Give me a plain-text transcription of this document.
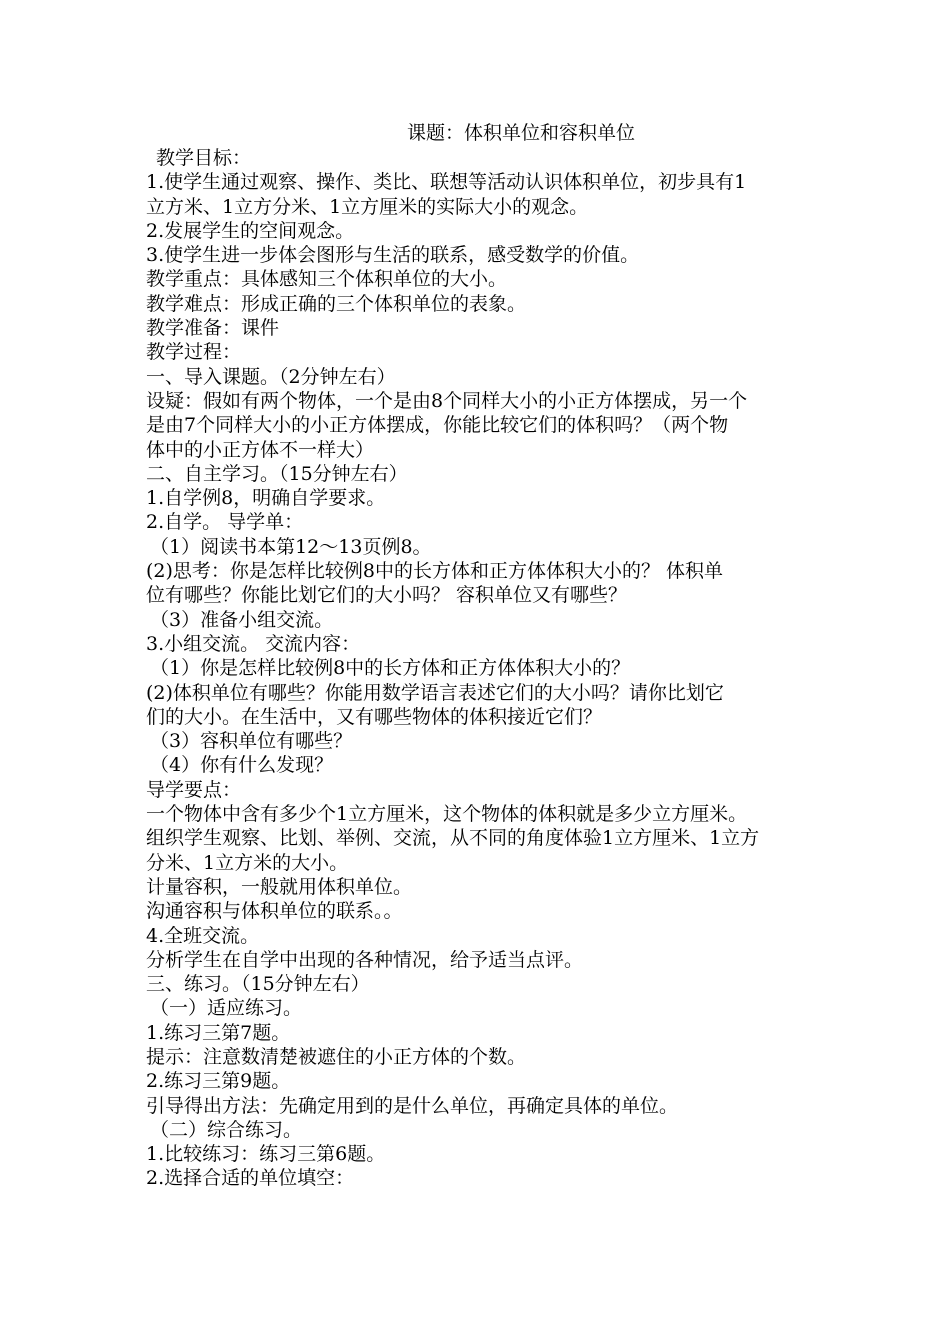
课题：体积单位和容积单位

教学目标：

1.使学生通过观察、操作、类比、联想等活动认识体积单位，初步具有1

立方米、1立方分米、1立方厘米的实际大小的观念。

2.发展学生的空间观念。

3.使学生进一步体会图形与生活的联系，感受数学的价值。

教学重点：具体感知三个体积单位的大小。

教学难点：形成正确的三个体积单位的表象。

教学准备：课件

教学过程：

一、导入课题。（2分钟左右）

设疑：假如有两个物体，一个是由8个同样大小的小正方体摆成，另一个

是由7个同样大小的小正方体摆成，你能比较它们的体积吗？（两个物

体中的小正方体不一样大）

二、自主学习。（15分钟左右）

1.自学例8，明确自学要求。

2.自学。 导学单：

（1）阅读书本第12～13页例8。

(2)思考：你是怎样比较例8中的长方体和正方体体积大小的？ 体积单

位有哪些？你能比划它们的大小吗？ 容积单位又有哪些？

（3）准备小组交流。

3.小组交流。 交流内容：

（1）你是怎样比较例8中的长方体和正方体体积大小的？

(2)体积单位有哪些？你能用数学语言表述它们的大小吗？请你比划它

们的大小。在生活中，又有哪些物体的体积接近它们？

（3）容积单位有哪些？

（4）你有什么发现？

导学要点：

一个物体中含有多少个1立方厘米，这个物体的体积就是多少立方厘米。

组织学生观察、比划、举例、交流，从不同的角度体验1立方厘米、1立方

分米、1立方米的大小。

计量容积，一般就用体积单位。

沟通容积与体积单位的联系。。

4.全班交流。

分析学生在自学中出现的各种情况，给予适当点评。

三、练习。（15分钟左右）

（一）适应练习。

1.练习三第7题。

提示：注意数清楚被遮住的小正方体的个数。

2.练习三第9题。

引导得出方法：先确定用到的是什么单位，再确定具体的单位。

（二）综合练习。

1.比较练习：练习三第6题。

2.选择合适的单位填空：
